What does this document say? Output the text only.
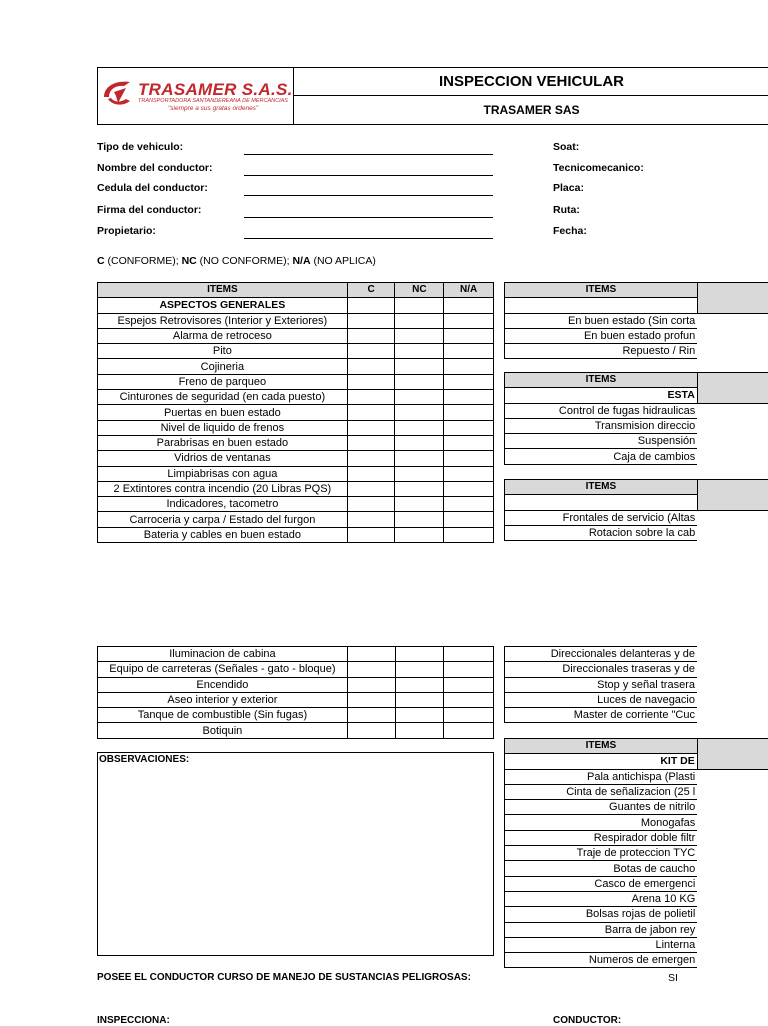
TRASAMER S.A.S.
TRANSPORTADORA SANTANDEREANA DE MERCANCIAS
"siempre a sus gratas ordenes"
INSPECCION VEHICULAR
TRASAMER SAS
Tipo de vehiculo:
Nombre del conductor:
Cedula del conductor:
Firma del conductor:
Propietario:
Soat:
Tecnicomecanico:
Placa:
Ruta:
Fecha:
C (CONFORME); NC (NO CONFORME); N/A (NO APLICA)
ITEMS	C	NC	N/A
ASPECTOS GENERALES			
Espejos Retrovisores (Interior y Exteriores)			
Alarma de retroceso			
Pito			
Cojineria			
Freno de parqueo			
Cinturones de seguridad (en cada puesto)			
Puertas en buen estado			
Nivel de liquido de frenos			
Parabrisas en buen estado			
Vidrios de ventanas			
Limpiabrisas con agua			
2 Extintores contra incendio (20 Libras PQS)			
Indicadores, tacometro			
Carroceria y carpa / Estado del furgon			
Bateria y cables en buen estado			
Iluminacion de cabina			
Equipo de carreteras (Señales - gato - bloque)			
Encendido			
Aseo interior y exterior			
Tanque de combustible (Sin fugas)			
Botiquin			
OBSERVACIONES:
ITEMS	

En buen estado (Sin corta	
En buen estado profun	
Repuesto / Rin	
ITEMS	
ESTA	
Control de fugas hidraulicas	
Transmision direccio	
Suspensión	
Caja de cambios	
ITEMS	

Frontales de servicio (Altas	
Rotacion sobre la cab	
Direccionales delanteras y de
Direccionales traseras y de
Stop y señal trasera
Luces de navegacio
Master de corriente "Cuc
ITEMS	
KIT DE	
Pala antichispa (Plasti	
Cinta de señalizacion (25 l	
Guantes de nitrilo	
Monogafas	
Respirador doble filtr	
Traje de proteccion TYC	
Botas de caucho	
Casco de emergenci	
Arena 10 KG	
Bolsas rojas de polietil	
Barra de jabon rey	
Linterna	
Numeros de emergen	
POSEE EL CONDUCTOR CURSO DE MANEJO DE SUSTANCIAS PELIGROSAS:	SI
INSPECCIONA:	CONDUCTOR:
